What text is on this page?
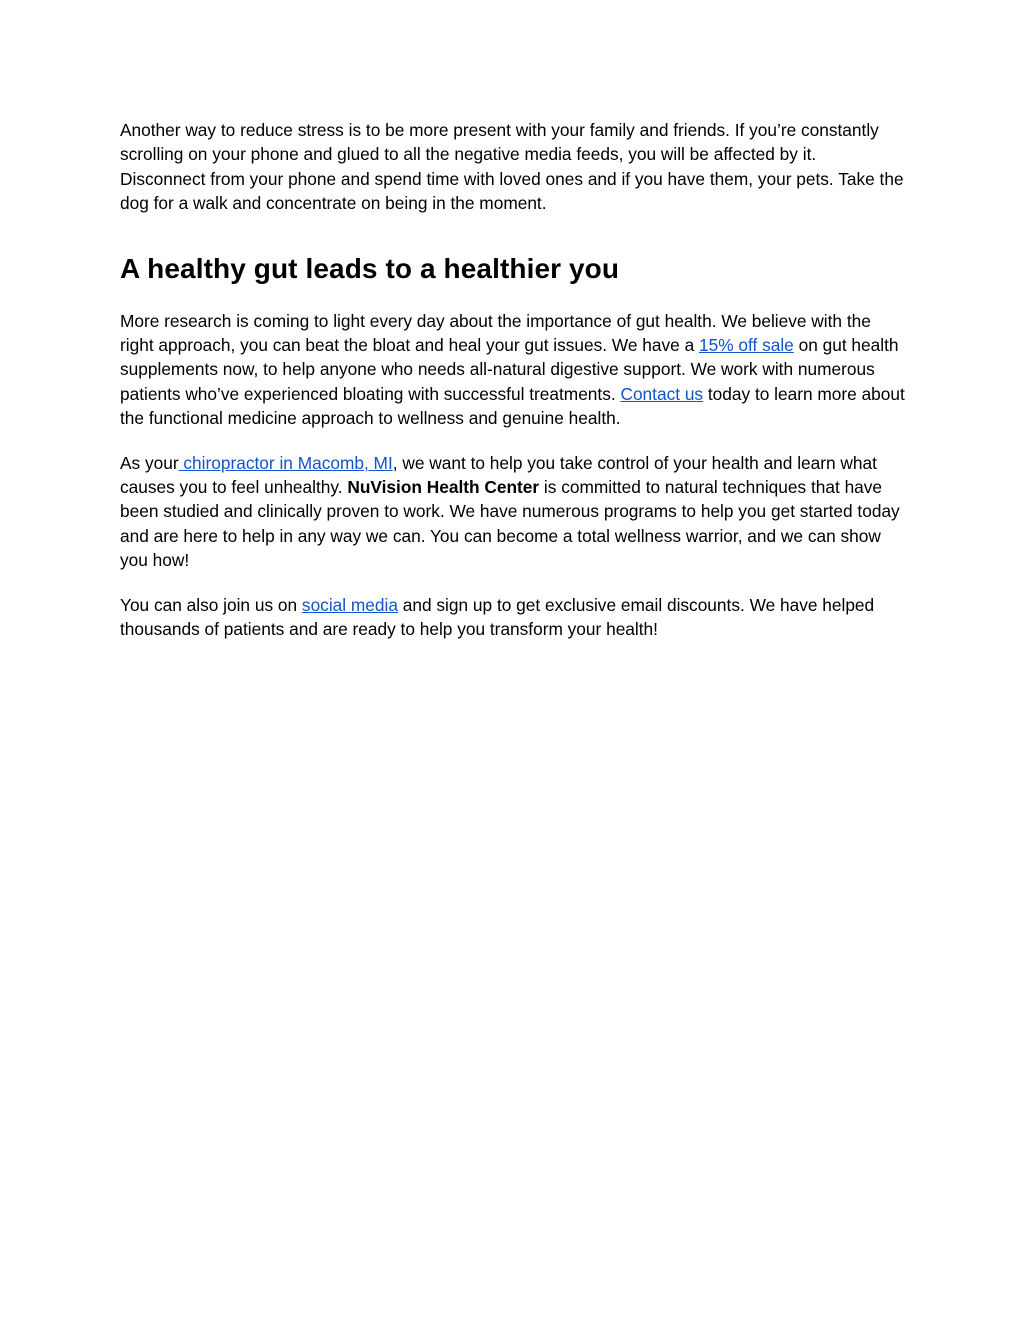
Another way to reduce stress is to be more present with your family and friends. If you’re constantly scrolling on your phone and glued to all the negative media feeds, you will be affected by it. Disconnect from your phone and spend time with loved ones and if you have them, your pets. Take the dog for a walk and concentrate on being in the moment.

A healthy gut leads to a healthier you

More research is coming to light every day about the importance of gut health. We believe with the right approach, you can beat the bloat and heal your gut issues. We have a 15% off sale on gut health supplements now, to help anyone who needs all-natural digestive support. We work with numerous patients who’ve experienced bloating with successful treatments. Contact us today to learn more about the functional medicine approach to wellness and genuine health.

As your chiropractor in Macomb, MI, we want to help you take control of your health and learn what causes you to feel unhealthy. NuVision Health Center is committed to natural techniques that have been studied and clinically proven to work. We have numerous programs to help you get started today and are here to help in any way we can. You can become a total wellness warrior, and we can show you how!

You can also join us on social media and sign up to get exclusive email discounts. We have helped thousands of patients and are ready to help you transform your health!
